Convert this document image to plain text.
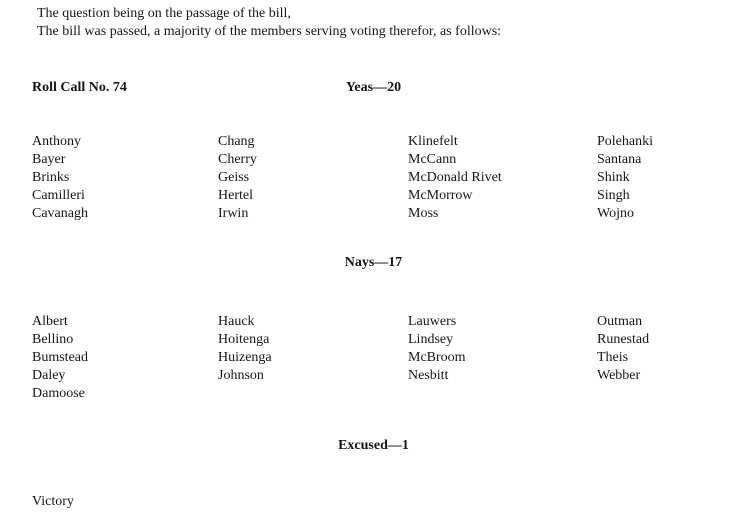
The question being on the passage of the bill,
The bill was passed, a majority of the members serving voting therefor, as follows:
Roll Call No. 74	Yeas—20
Anthony
Bayer
Brinks
Camilleri
Cavanagh
Chang
Cherry
Geiss
Hertel
Irwin
Klinefelt
McCann
McDonald Rivet
McMorrow
Moss
Polehanki
Santana
Shink
Singh
Wojno
Nays—17
Albert
Bellino
Bumstead
Daley
Damoose
Hauck
Hoitenga
Huizenga
Johnson
Lauwers
Lindsey
McBroom
Nesbitt
Outman
Runestad
Theis
Webber
Excused—1
Victory
